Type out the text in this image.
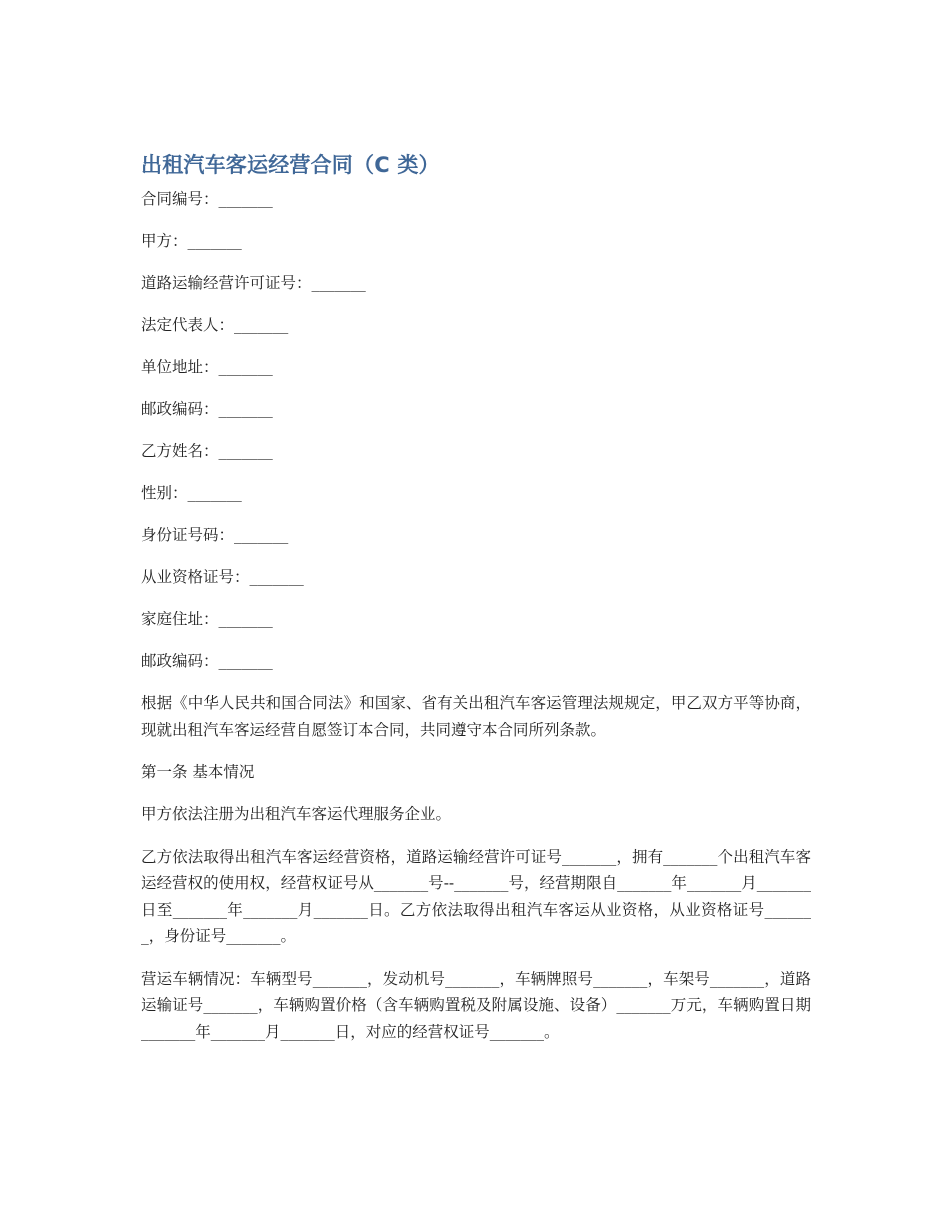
出租汽车客运经营合同（C 类）

合同编号：_______

甲方：_______

道路运输经营许可证号：_______

法定代表人：_______

单位地址：_______

邮政编码：_______

乙方姓名：_______

性别：_______

身份证号码：_______

从业资格证号：_______

家庭住址：_______

邮政编码：_______

根据《中华人民共和国合同法》和国家、省有关出租汽车客运管理法规规定，甲乙双方平等协商，现就出租汽车客运经营自愿签订本合同，共同遵守本合同所列条款。

第一条 基本情况

甲方依法注册为出租汽车客运代理服务企业。

乙方依法取得出租汽车客运经营资格，道路运输经营许可证号_______，拥有_______个出租汽车客运经营权的使用权，经营权证号从_______号--_______号，经营期限自_______年_______月_______日至_______年_______月_______日。乙方依法取得出租汽车客运从业资格，从业资格证号_______，身份证号_______。

营运车辆情况：车辆型号_______，发动机号_______，车辆牌照号_______，车架号_______，道路运输证号_______，车辆购置价格（含车辆购置税及附属设施、设备）_______万元，车辆购置日期_______年_______月_______日，对应的经营权证号_______。
